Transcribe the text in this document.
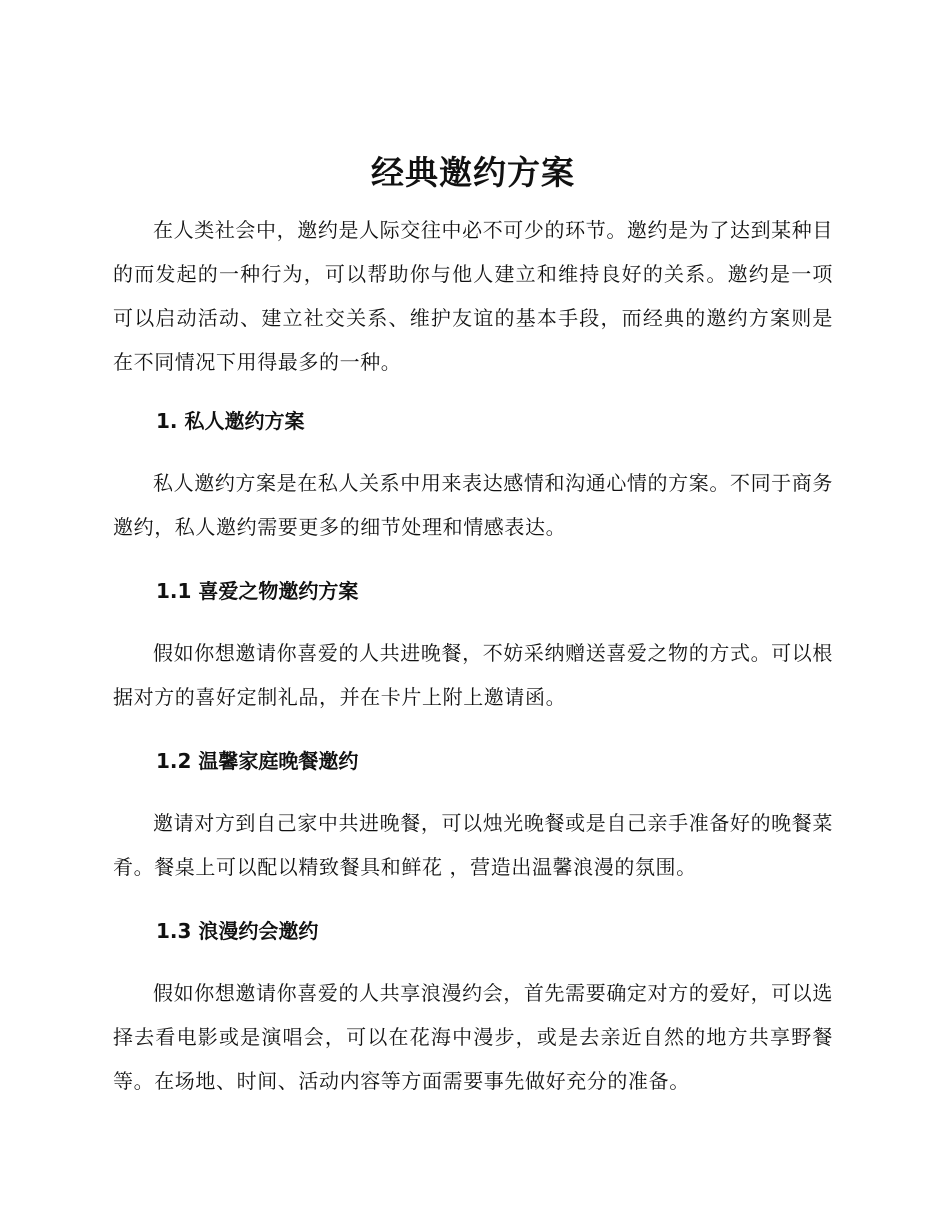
经典邀约方案

在人类社会中，邀约是人际交往中必不可少的环节。邀约是为了达到某种目的而发起的一种行为，可以帮助你与他人建立和维持良好的关系。邀约是一项可以启动活动、建立社交关系、维护友谊的基本手段，而经典的邀约方案则是在不同情况下用得最多的一种。

1. 私人邀约方案

私人邀约方案是在私人关系中用来表达感情和沟通心情的方案。不同于商务邀约，私人邀约需要更多的细节处理和情感表达。

1.1 喜爱之物邀约方案

假如你想邀请你喜爱的人共进晚餐，不妨采纳赠送喜爱之物的方式。可以根据对方的喜好定制礼品，并在卡片上附上邀请函。

1.2 温馨家庭晚餐邀约

邀请对方到自己家中共进晚餐，可以烛光晚餐或是自己亲手准备好的晚餐菜肴。餐桌上可以配以精致餐具和鲜花 ，营造出温馨浪漫的氛围。

1.3 浪漫约会邀约

假如你想邀请你喜爱的人共享浪漫约会，首先需要确定对方的爱好，可以选择去看电影或是演唱会，可以在花海中漫步，或是去亲近自然的地方共享野餐等。在场地、时间、活动内容等方面需要事先做好充分的准备。
